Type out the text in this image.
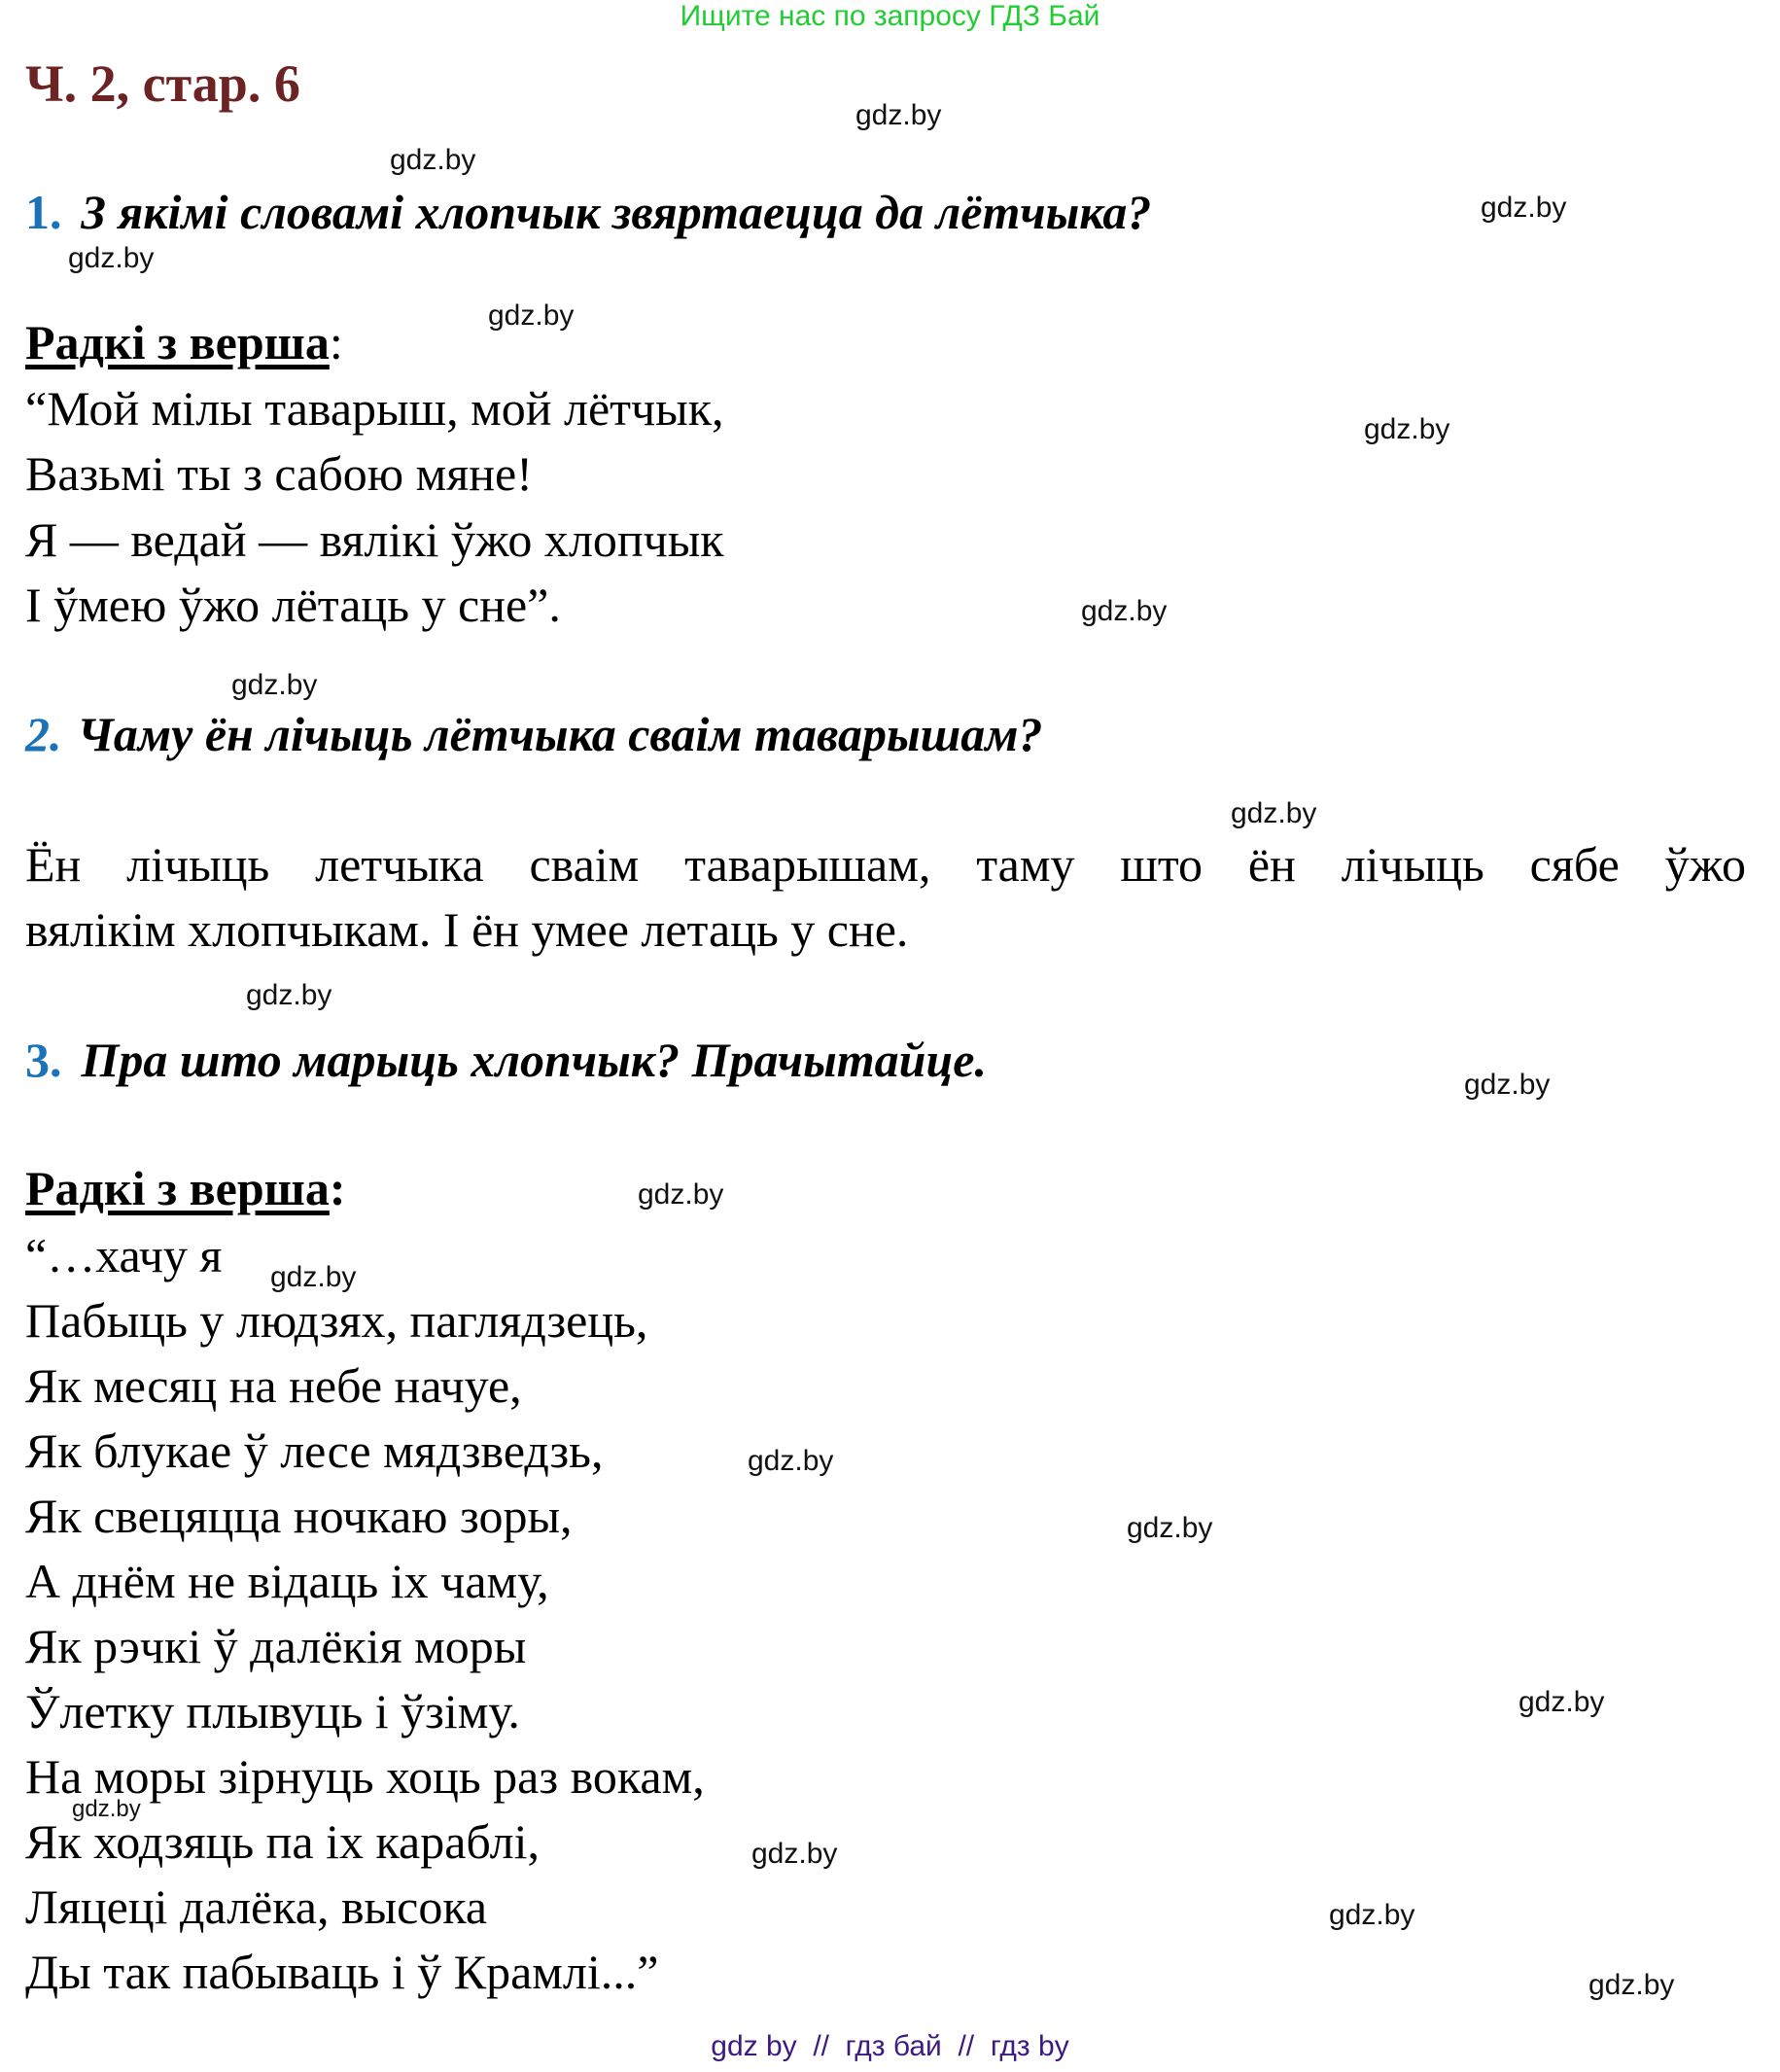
Ищите нас по запросу ГДЗ Бай
Ч. 2, стар. 6
1. З якімі словамі хлопчык звяртаецца да лётчыка?
Радкі з верша:
“Мой мілы таварыш, мой лётчык,
Вазьмі ты з сабою мяне!
Я — ведай — вялікі ўжо хлопчык
І ўмею ўжо лётаць у сне”.
2. Чаму ён лічыць лётчыка сваім таварышам?
Ён лічыць летчыка сваім таварышам, таму што ён лічыць сябе ўжо
вялікім хлопчыкам. І ён умее летаць у сне.
3. Пра што марыць хлопчык? Прачытайце.
Радкі з верша:
“…хачу я
Пабыць у людзях, паглядзець,
Як месяц на небе начуе,
Як блукае ў лесе мядзведзь,
Як свецяцца ночкаю зоры,
А днём не відаць іх чаму,
Як рэчкі ў далёкія моры
Ўлетку плывуць і ўзіму.
На моры зірнуць хоць раз вокам,
Як ходзяць па іх караблі,
Ляцеці далёка, высока
Ды так пабываць і ў Крамлі...”
gdz.by
gdz.by
gdz.by
gdz.by
gdz.by
gdz.by
gdz.by
gdz.by
gdz.by
gdz.by
gdz.by
gdz.by
gdz.by
gdz.by
gdz.by
gdz.by
gdz.by
gdz.by
gdz.by
gdz.by
gdz by  //  гдз бай  //  гдз by
